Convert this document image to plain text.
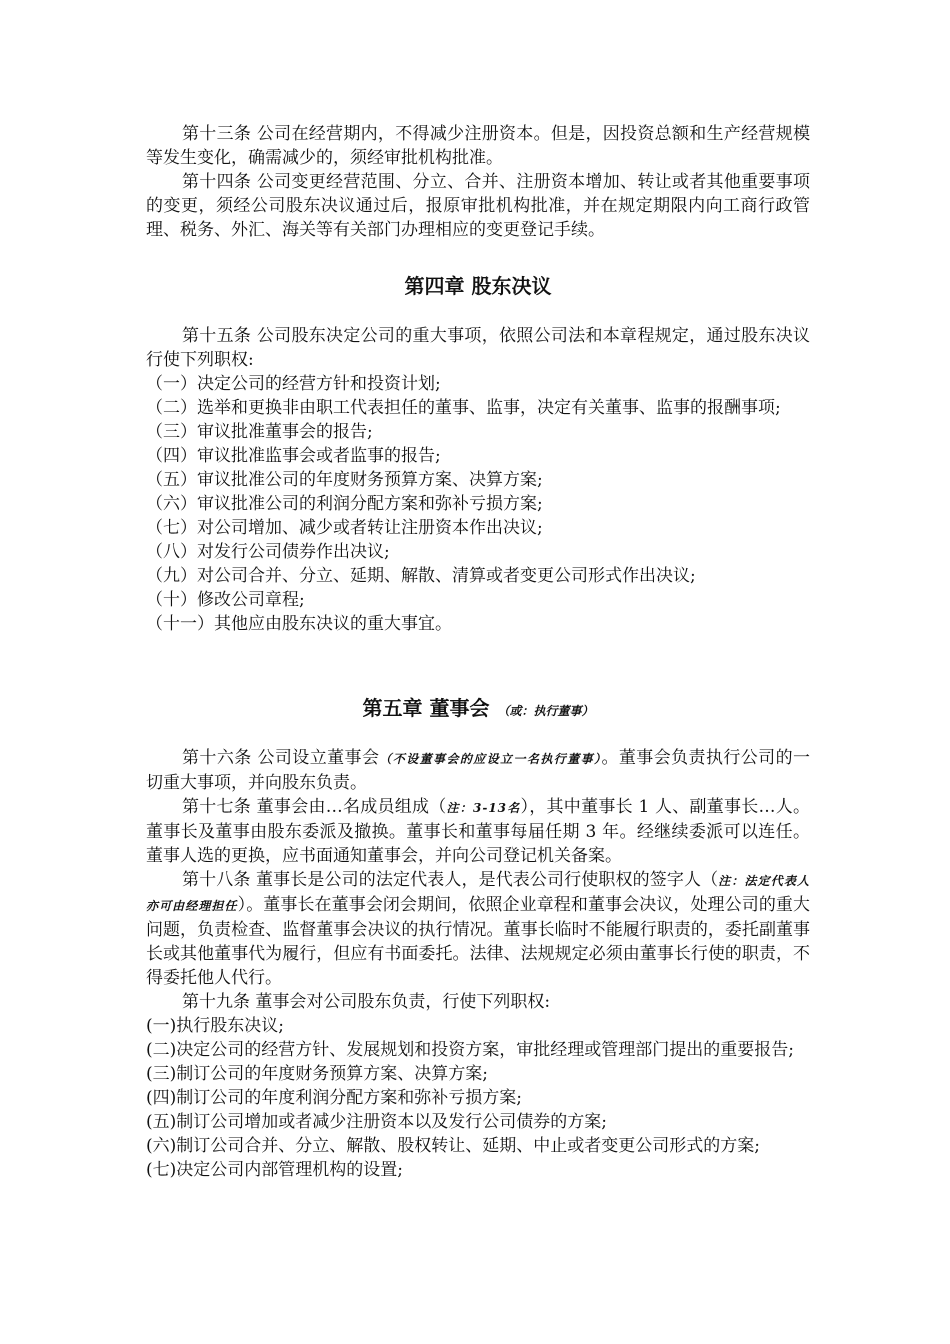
第十三条 公司在经营期内，不得减少注册资本。但是，因投资总额和生产经营规模等发生变化，确需减少的，须经审批机构批准。

第十四条 公司变更经营范围、分立、合并、注册资本增加、转让或者其他重要事项的变更，须经公司股东决议通过后，报原审批机构批准，并在规定期限内向工商行政管理、税务、外汇、海关等有关部门办理相应的变更登记手续。

第四章 股东决议

第十五条 公司股东决定公司的重大事项，依照公司法和本章程规定，通过股东决议行使下列职权:

（一）决定公司的经营方针和投资计划;

（二）选举和更换非由职工代表担任的董事、监事，决定有关董事、监事的报酬事项;

（三）审议批准董事会的报告;

（四）审议批准监事会或者监事的报告;

（五）审议批准公司的年度财务预算方案、决算方案;

（六）审议批准公司的利润分配方案和弥补亏损方案;

（七）对公司增加、减少或者转让注册资本作出决议;

（八）对发行公司债券作出决议;

（九）对公司合并、分立、延期、解散、清算或者变更公司形式作出决议;

（十）修改公司章程;

（十一）其他应由股东决议的重大事宜。

第五章 董事会 （或：执行董事）

第十六条 公司设立董事会（不设董事会的应设立一名执行董事）。董事会负责执行公司的一切重大事项，并向股东负责。

第十七条 董事会由…名成员组成（注：3-13名），其中董事长 1 人、副董事长…人。董事长及董事由股东委派及撤换。董事长和董事每届任期 3 年。经继续委派可以连任。董事人选的更换，应书面通知董事会，并向公司登记机关备案。

第十八条 董事长是公司的法定代表人，是代表公司行使职权的签字人（注：法定代表人亦可由经理担任）。董事长在董事会闭会期间，依照企业章程和董事会决议，处理公司的重大问题，负责检查、监督董事会决议的执行情况。董事长临时不能履行职责的，委托副董事长或其他董事代为履行，但应有书面委托。法律、法规规定必须由董事长行使的职责，不得委托他人代行。

第十九条 董事会对公司股东负责，行使下列职权:

(一)执行股东决议;

(二)决定公司的经营方针、发展规划和投资方案，审批经理或管理部门提出的重要报告;

(三)制订公司的年度财务预算方案、决算方案;

(四)制订公司的年度利润分配方案和弥补亏损方案;

(五)制订公司增加或者减少注册资本以及发行公司债券的方案;

(六)制订公司合并、分立、解散、股权转让、延期、中止或者变更公司形式的方案;

(七)决定公司内部管理机构的设置;
